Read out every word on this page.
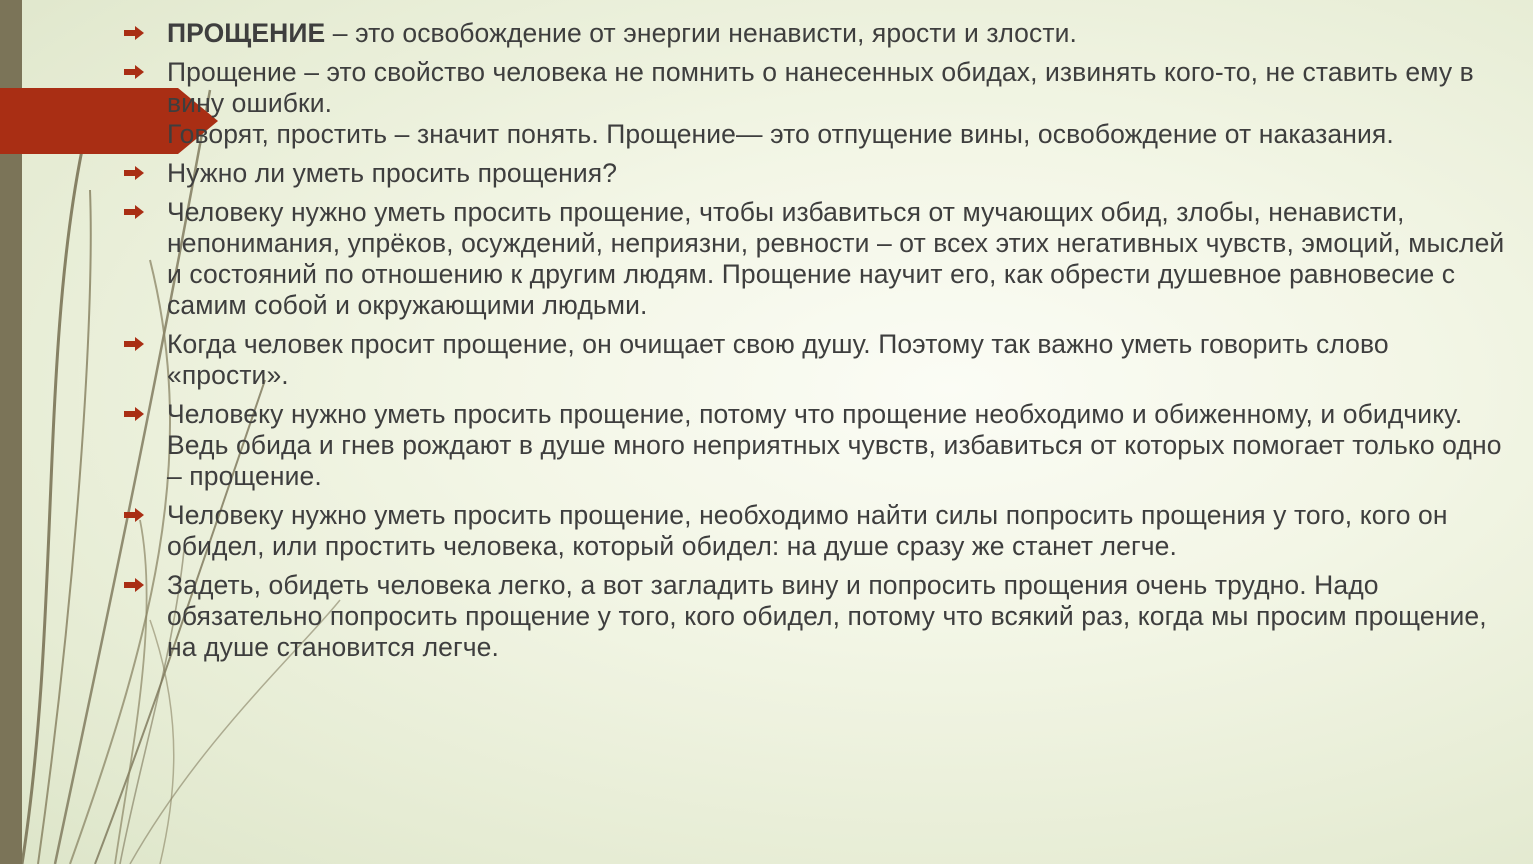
ПРОЩЕНИЕ – это освобождение от энергии ненависти, ярости и злости.

Прощение – это свойство человека не помнить о нанесенных обидах, извинять кого-то, не ставить ему в вину ошибки.

Говорят, простить – значит понять. Прощение— это отпущение вины, освобождение от наказания.

Нужно ли уметь просить прощения?
Человеку нужно уметь просить прощение, чтобы избавиться от мучающих обид, злобы, ненависти, непонимания, упрёков, осуждений, неприязни, ревности – от всех этих негативных чувств, эмоций, мыслей и состояний по отношению к другим людям. Прощение научит его, как обрести душевное равновесие с самим собой и окружающими людьми.
Когда человек просит прощение, он очищает свою душу. Поэтому так важно уметь говорить слово «прости».
Человеку нужно уметь просить прощение, потому что прощение необходимо и обиженному, и обидчику. Ведь обида и гнев рождают в душе много неприятных чувств, избавиться от которых помогает только одно – прощение.
Человеку нужно уметь просить прощение, необходимо найти силы попросить прощения у того, кого он обидел, или простить человека, который обидел: на душе сразу же станет легче.
Задеть, обидеть человека легко, а вот загладить вину и попросить прощения очень трудно. Надо обязательно попросить прощение у того, кого обидел, потому что всякий раз, когда мы просим прощение, на душе становится легче.
